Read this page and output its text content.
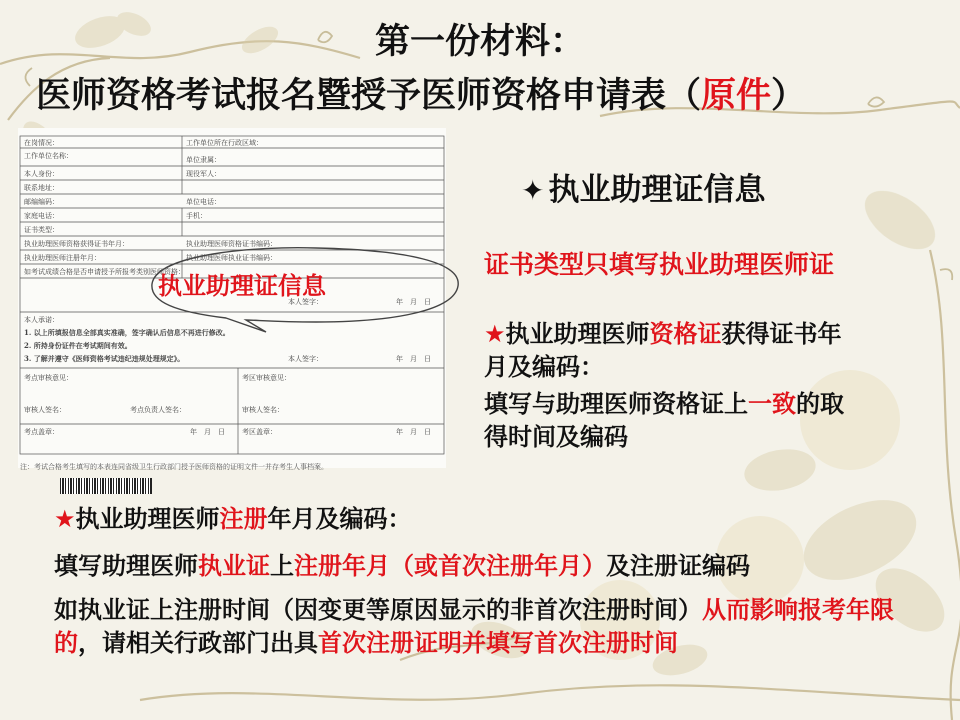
第一份材料：
医师资格考试报名暨授予医师资格申请表（原件）
在岗情况：	工作单位所在行政区域：
工作单位名称：	单位隶属：
本人身份：	现役军人：
联系地址：
邮编编码：	单位电话：
家庭电话：	手机：
证书类型：
执业助理医师资格获得证书年月：	执业助理医师资格证书编码：
执业助理医师注册年月：	执业助理医师执业证书编码：
如考试成绩合格是否申请授予所报考类别医师资格：
本人签字：	年　月　日
本人承诺：
1. 以上所填报信息全部真实准确，签字确认后信息不再进行修改。
2. 所持身份证件在考试期间有效。
3. 了解并遵守《医师资格考试违纪违规处理规定》。	本人签字：	年　月　日
考点审核意见：	考区审核意见：
审核人签名：	考点负责人签名：	审核人签名：
考点盖章：	年　月　日 考区盖章：	年　月　日
注：考试合格考生填写的本表连同省级卫生行政部门授予医师资格的证明文件一并存考生人事档案。
执业助理证信息
✦ 执业助理证信息
证书类型只填写执业助理医师证
★执业助理医师资格证获得证书年
月及编码：
填写与助理医师资格证上一致的取
得时间及编码
★执业助理医师注册年月及编码：
填写助理医师执业证上注册年月（或首次注册年月）及注册证编码
如执业证上注册时间（因变更等原因显示的非首次注册时间）从而影响报考年限的，请相关行政部门出具首次注册证明并填写首次注册时间
